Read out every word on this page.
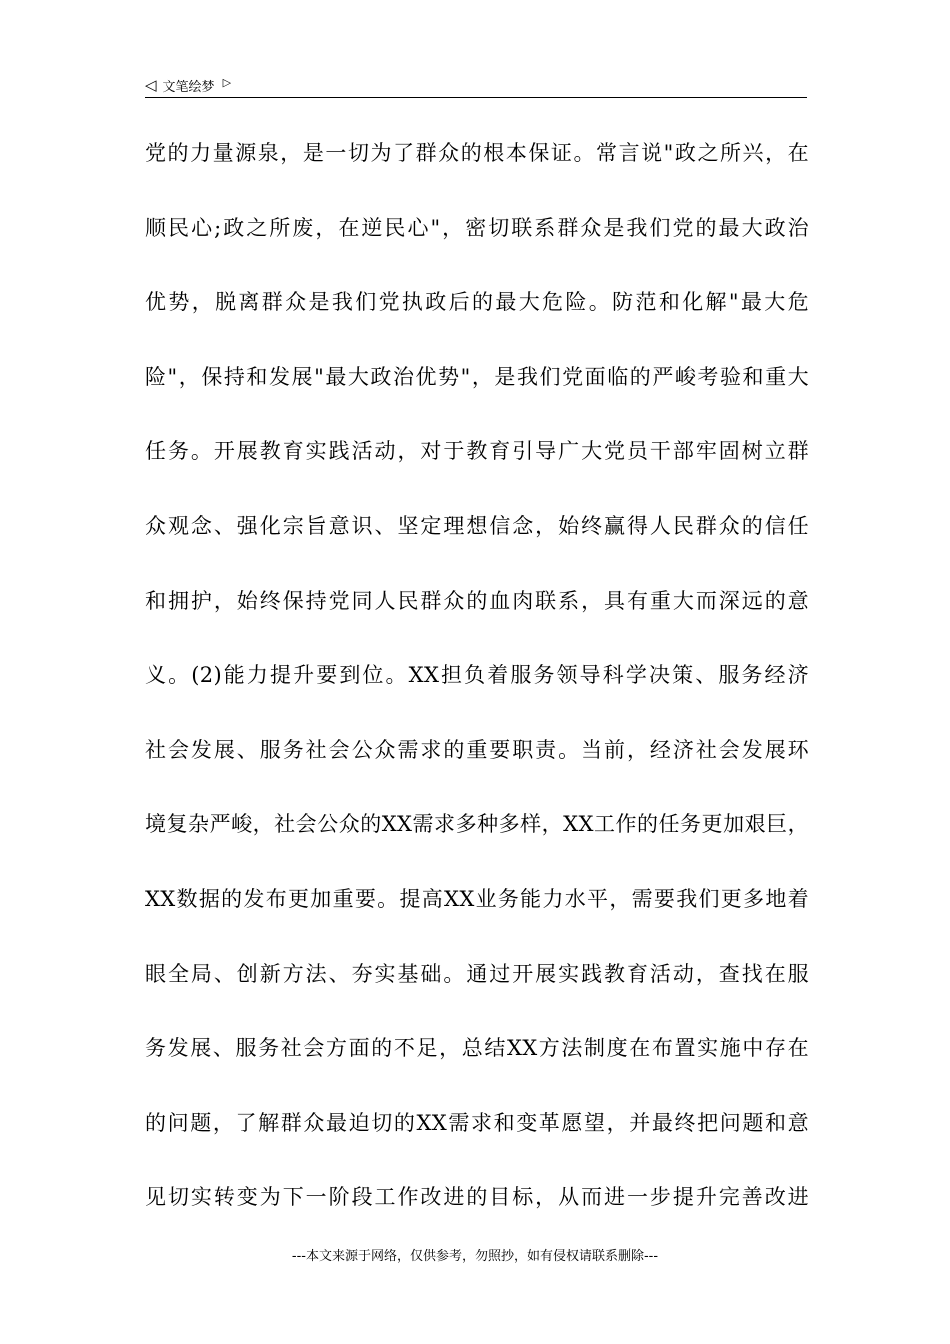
◁ 文笔绘梦 ▷
党的力量源泉，是一切为了群众的根本保证。常言说"政之所兴，在
顺民心;政之所废，在逆民心"，密切联系群众是我们党的最大政治
优势，脱离群众是我们党执政后的最大危险。防范和化解"最大危
险"，保持和发展"最大政治优势"，是我们党面临的严峻考验和重大
任务。开展教育实践活动，对于教育引导广大党员干部牢固树立群
众观念、强化宗旨意识、坚定理想信念，始终赢得人民群众的信任
和拥护，始终保持党同人民群众的血肉联系，具有重大而深远的意
义。(2)能力提升要到位。XX担负着服务领导科学决策、服务经济
社会发展、服务社会公众需求的重要职责。当前，经济社会发展环
境复杂严峻，社会公众的XX需求多种多样，XX工作的任务更加艰巨，
XX数据的发布更加重要。提高XX业务能力水平，需要我们更多地着
眼全局、创新方法、夯实基础。通过开展实践教育活动，查找在服
务发展、服务社会方面的不足，总结XX方法制度在布置实施中存在
的问题，了解群众最迫切的XX需求和变革愿望，并最终把问题和意
见切实转变为下一阶段工作改进的目标，从而进一步提升完善改进
---本文来源于网络，仅供参考，勿照抄，如有侵权请联系删除---
